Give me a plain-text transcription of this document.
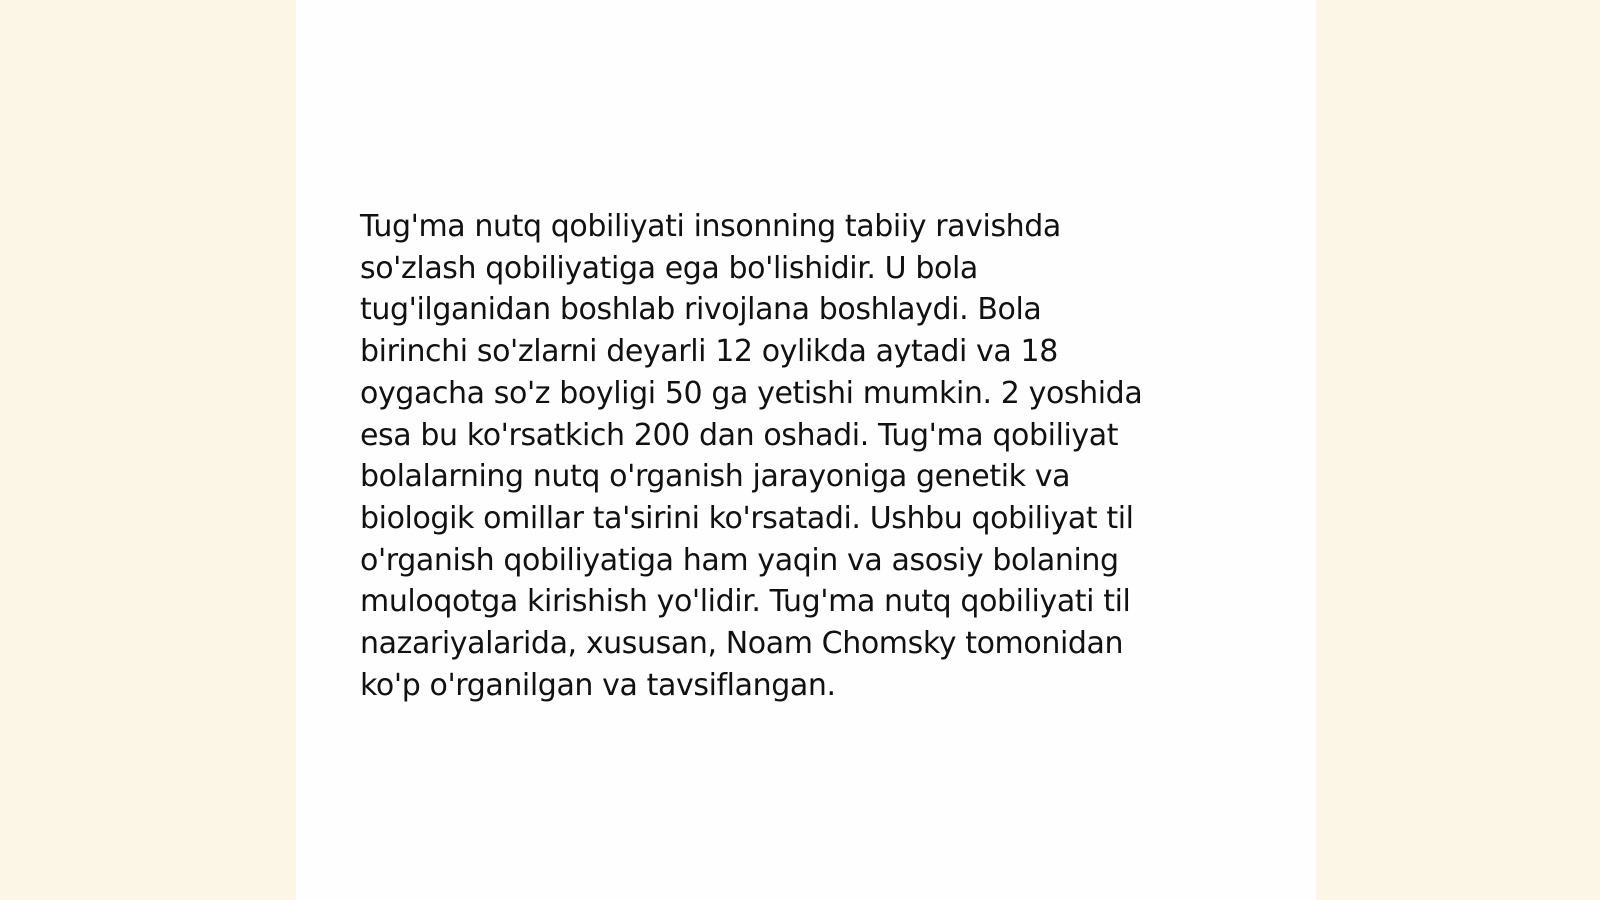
Tug'ma nutq qobiliyati insonning tabiiy ravishda
so'zlash qobiliyatiga ega bo'lishidir. U bola
tug'ilganidan boshlab rivojlana boshlaydi. Bola
birinchi so'zlarni deyarli 12 oylikda aytadi va 18
oygacha so'z boyligi 50 ga yetishi mumkin. 2 yoshida
esa bu ko'rsatkich 200 dan oshadi. Tug'ma qobiliyat
bolalarning nutq o'rganish jarayoniga genetik va
biologik omillar ta'sirini ko'rsatadi. Ushbu qobiliyat til
o'rganish qobiliyatiga ham yaqin va asosiy bolaning
muloqotga kirishish yo'lidir. Tug'ma nutq qobiliyati til
nazariyalarida, xususan, Noam Chomsky tomonidan
ko'p o'rganilgan va tavsiflangan.
